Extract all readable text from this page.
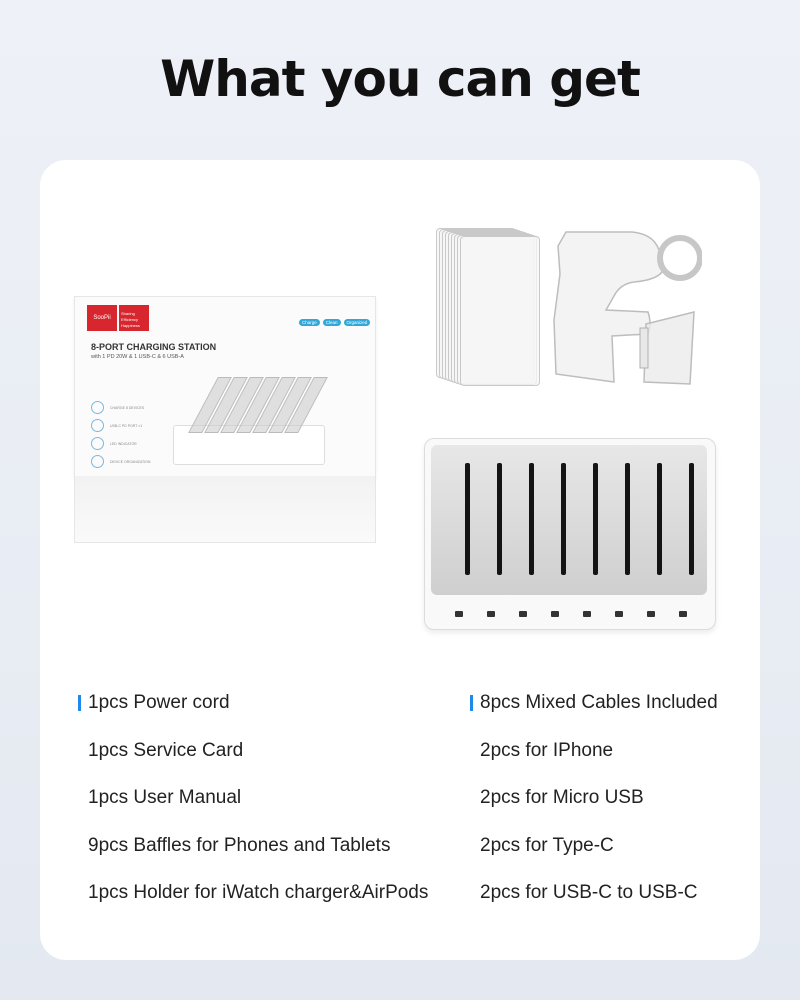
What you can get
SooPii
Sharing Efficiency Happiness
Charge	Clean	Organized
8-PORT CHARGING STATION
with 1 PD 20W & 1 USB-C & 6 USB-A
CHARGE 8 DEVICES
USB-C PD PORT ×1
LED INDICATOR
DEVICE ORGANIZATION
1pcs Power cord
1pcs Service Card
1pcs User Manual
9pcs Baffles for Phones and Tablets
1pcs Holder for iWatch charger&AirPods
8pcs Mixed Cables Included
2pcs for IPhone
2pcs for Micro USB
2pcs for Type-C
2pcs for USB-C to USB-C
